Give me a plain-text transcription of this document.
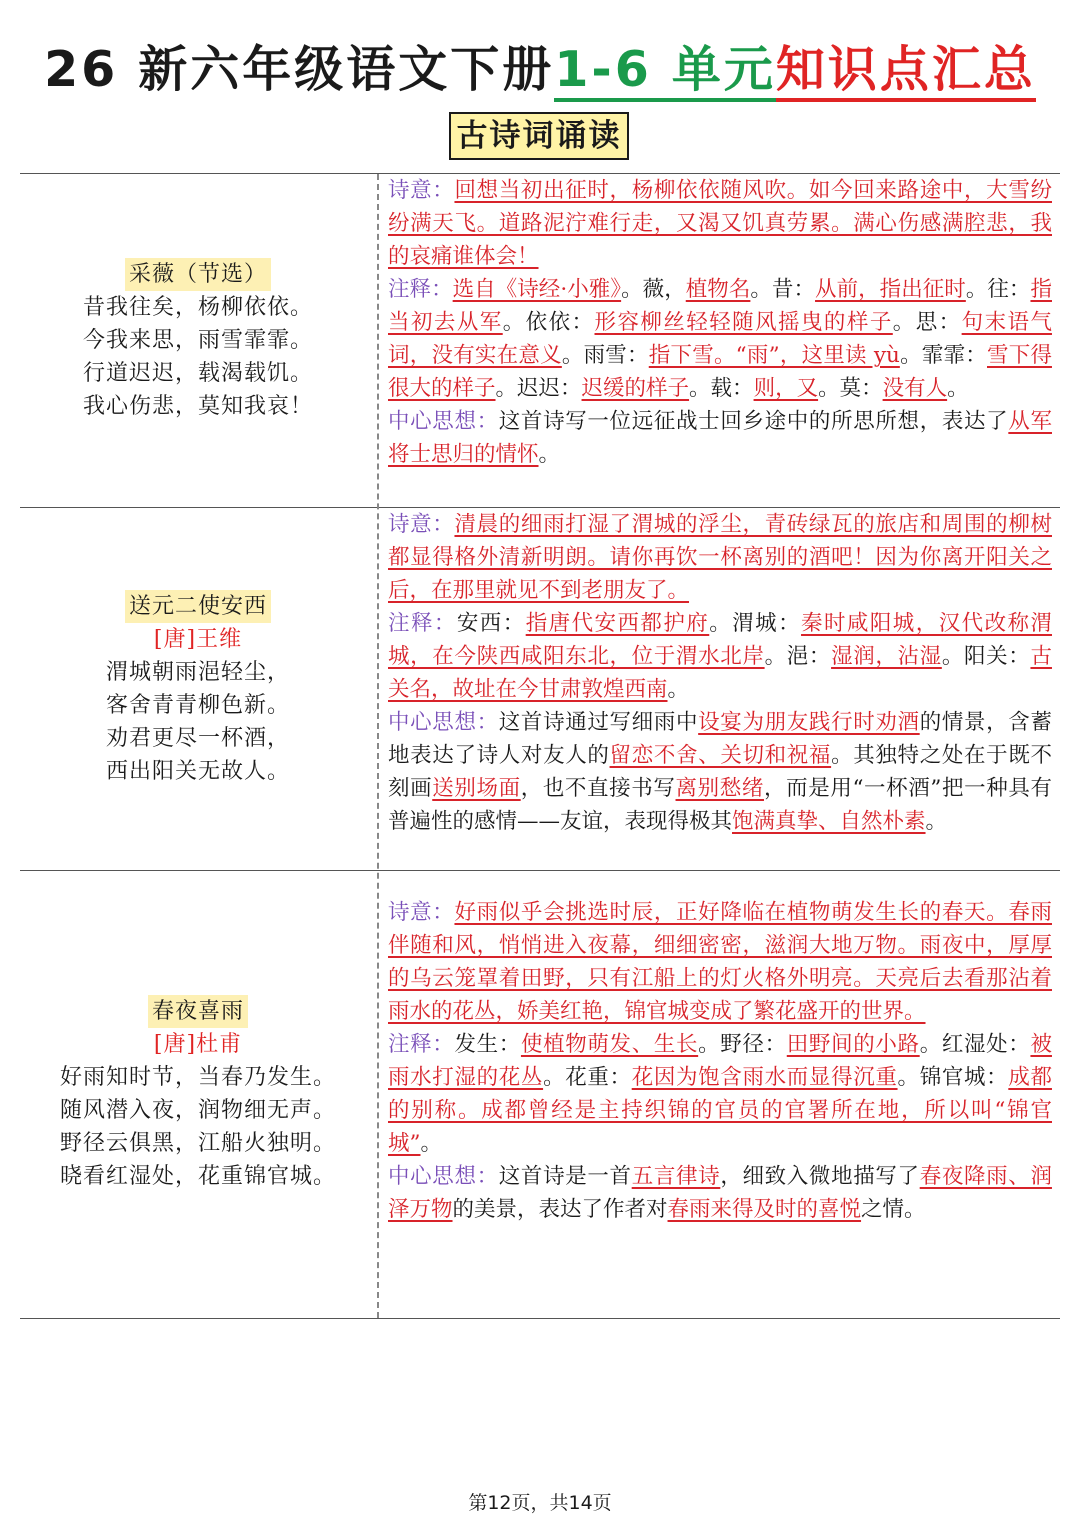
26 新六年级语文下册1-6 单元知识点汇总
古诗词诵读
采薇（节选）
昔我往矣，杨柳依依。
今我来思，雨雪霏霏。
行道迟迟，载渴载饥。
我心伤悲，莫知我哀！
诗意：回想当初出征时，杨柳依依随风吹。如今回来路途中，大雪纷纷满天飞。道路泥泞难行走，又渴又饥真劳累。满心伤感满腔悲，我的哀痛谁体会！
注释：选自《诗经·小雅》。薇，植物名。昔：从前，指出征时。往：指当初去从军。依依：形容柳丝轻轻随风摇曳的样子。思：句末语气词，没有实在意义。雨雪：指下雪。“雨”，这里读 yù。霏霏：雪下得很大的样子。迟迟：迟缓的样子。载：则，又。莫：没有人。
中心思想：这首诗写一位远征战士回乡途中的所思所想，表达了从军将士思归的情怀。
送元二使安西
[唐]王维
渭城朝雨浥轻尘，
客舍青青柳色新。
劝君更尽一杯酒，
西出阳关无故人。
诗意：清晨的细雨打湿了渭城的浮尘，青砖绿瓦的旅店和周围的柳树都显得格外清新明朗。请你再饮一杯离别的酒吧！因为你离开阳关之后，在那里就见不到老朋友了。
注释：安西：指唐代安西都护府。渭城：秦时咸阳城，汉代改称渭城，在今陕西咸阳东北，位于渭水北岸。浥：湿润，沾湿。阳关：古关名，故址在今甘肃敦煌西南。
中心思想：这首诗通过写细雨中设宴为朋友践行时劝酒的情景，含蓄地表达了诗人对友人的留恋不舍、关切和祝福。其独特之处在于既不刻画送别场面，也不直接书写离别愁绪，而是用“一杯酒”把一种具有普遍性的感情——友谊，表现得极其饱满真挚、自然朴素。
春夜喜雨
[唐]杜甫
好雨知时节，当春乃发生。
随风潜入夜，润物细无声。
野径云俱黑，江船火独明。
晓看红湿处，花重锦官城。
诗意：好雨似乎会挑选时辰，正好降临在植物萌发生长的春天。春雨伴随和风，悄悄进入夜幕，细细密密，滋润大地万物。雨夜中，厚厚的乌云笼罩着田野，只有江船上的灯火格外明亮。天亮后去看那沾着雨水的花丛，娇美红艳，锦官城变成了繁花盛开的世界。
注释：发生：使植物萌发、生长。野径：田野间的小路。红湿处：被雨水打湿的花丛。花重：花因为饱含雨水而显得沉重。锦官城：成都的别称。成都曾经是主持织锦的官员的官署所在地，所以叫“锦官城”。
中心思想：这首诗是一首五言律诗，细致入微地描写了春夜降雨、润泽万物的美景，表达了作者对春雨来得及时的喜悦之情。
第12页，共14页
